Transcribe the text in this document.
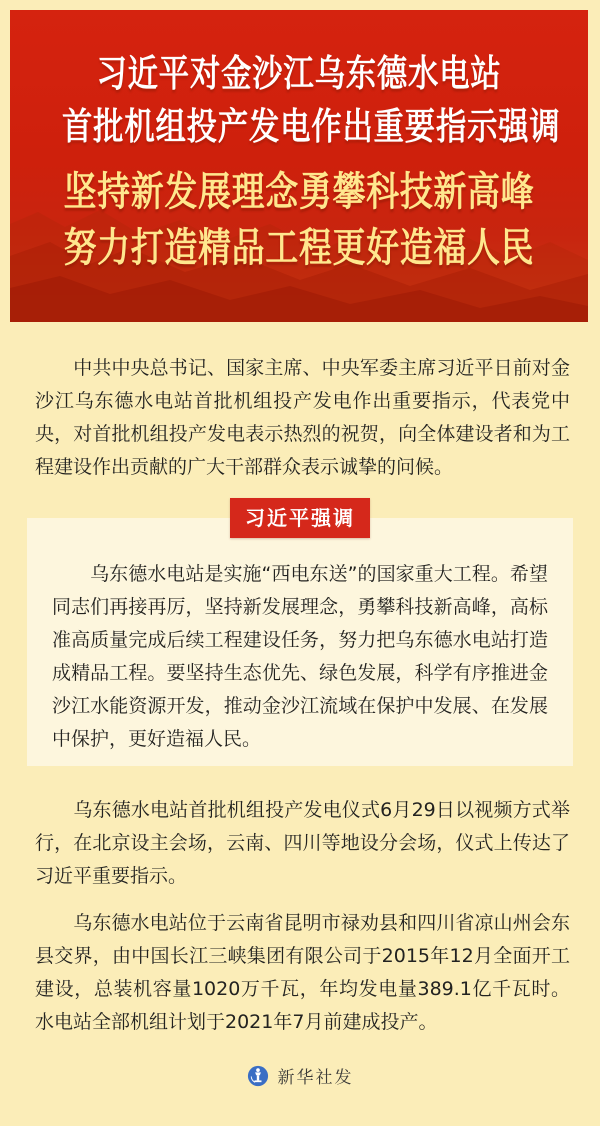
习近平对金沙江乌东德水电站
首批机组投产发电作出重要指示强调
坚持新发展理念勇攀科技新高峰
努力打造精品工程更好造福人民
　　中共中央总书记、国家主席、中央军委主席习近平日前对金沙江乌东德水电站首批机组投产发电作出重要指示，代表党中央，对首批机组投产发电表示热烈的祝贺，向全体建设者和为工程建设作出贡献的广大干部群众表示诚挚的问候。
习近平强调
　　乌东德水电站是实施“西电东送”的国家重大工程。希望同志们再接再厉，坚持新发展理念，勇攀科技新高峰，高标准高质量完成后续工程建设任务，努力把乌东德水电站打造成精品工程。要坚持生态优先、绿色发展，科学有序推进金沙江水能资源开发，推动金沙江流域在保护中发展、在发展中保护，更好造福人民。
　　乌东德水电站首批机组投产发电仪式6月29日以视频方式举行，在北京设主会场，云南、四川等地设分会场，仪式上传达了习近平重要指示。
　　乌东德水电站位于云南省昆明市禄劝县和四川省凉山州会东县交界，由中国长江三峡集团有限公司于2015年12月全面开工建设，总装机容量1020万千瓦，年均发电量389.1亿千瓦时。水电站全部机组计划于2021年7月前建成投产。
新华社发
